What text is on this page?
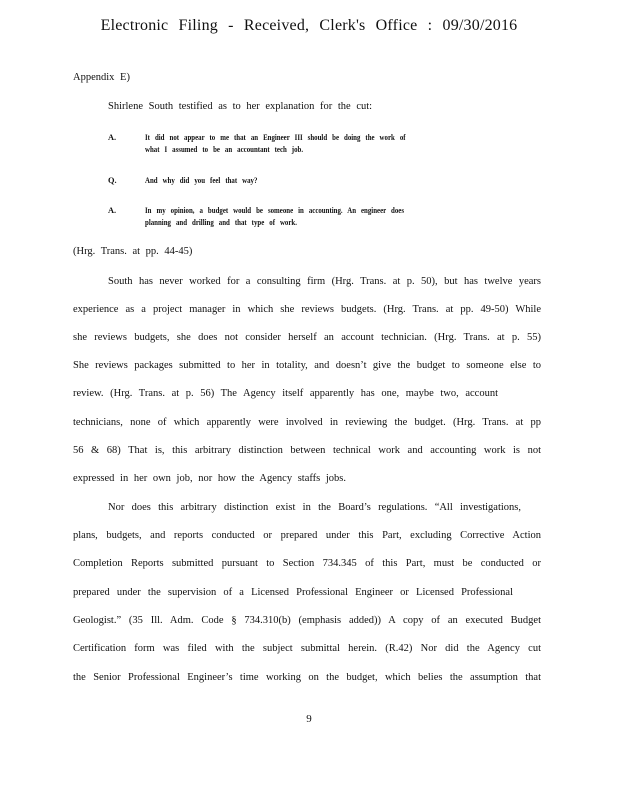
Electronic Filing - Received, Clerk's Office : 09/30/2016
Appendix E)
Shirlene South testified as to her explanation for the cut:
A.	It did not appear to me that an Engineer III should be doing the work of
what I assumed to be an accountant tech job.
Q.	And why did you feel that way?
A.	In my opinion, a budget would be someone in accounting. An engineer does
planning and drilling and that type of work.
(Hrg. Trans. at pp. 44-45)
South has never worked for a consulting firm (Hrg. Trans. at p. 50), but has twelve years
experience as a project manager in which she reviews budgets. (Hrg. Trans. at pp. 49-50) While
she reviews budgets, she does not consider herself an account technician. (Hrg. Trans. at p. 55)
She reviews packages submitted to her in totality, and doesn’t give the budget to someone else to
review. (Hrg. Trans. at p. 56) The Agency itself apparently has one, maybe two, account
technicians, none of which apparently were involved in reviewing the budget. (Hrg. Trans. at pp
56 & 68) That is, this arbitrary distinction between technical work and accounting work is not
expressed in her own job, nor how the Agency staffs jobs.
Nor does this arbitrary distinction exist in the Board’s regulations. “All investigations,
plans, budgets, and reports conducted or prepared under this Part, excluding Corrective Action
Completion Reports submitted pursuant to Section 734.345 of this Part, must be conducted or
prepared under the supervision of a Licensed Professional Engineer or Licensed Professional
Geologist.” (35 Ill. Adm. Code § 734.310(b) (emphasis added)) A copy of an executed Budget
Certification form was filed with the subject submittal herein. (R.42) Nor did the Agency cut
the Senior Professional Engineer’s time working on the budget, which belies the assumption that
9
